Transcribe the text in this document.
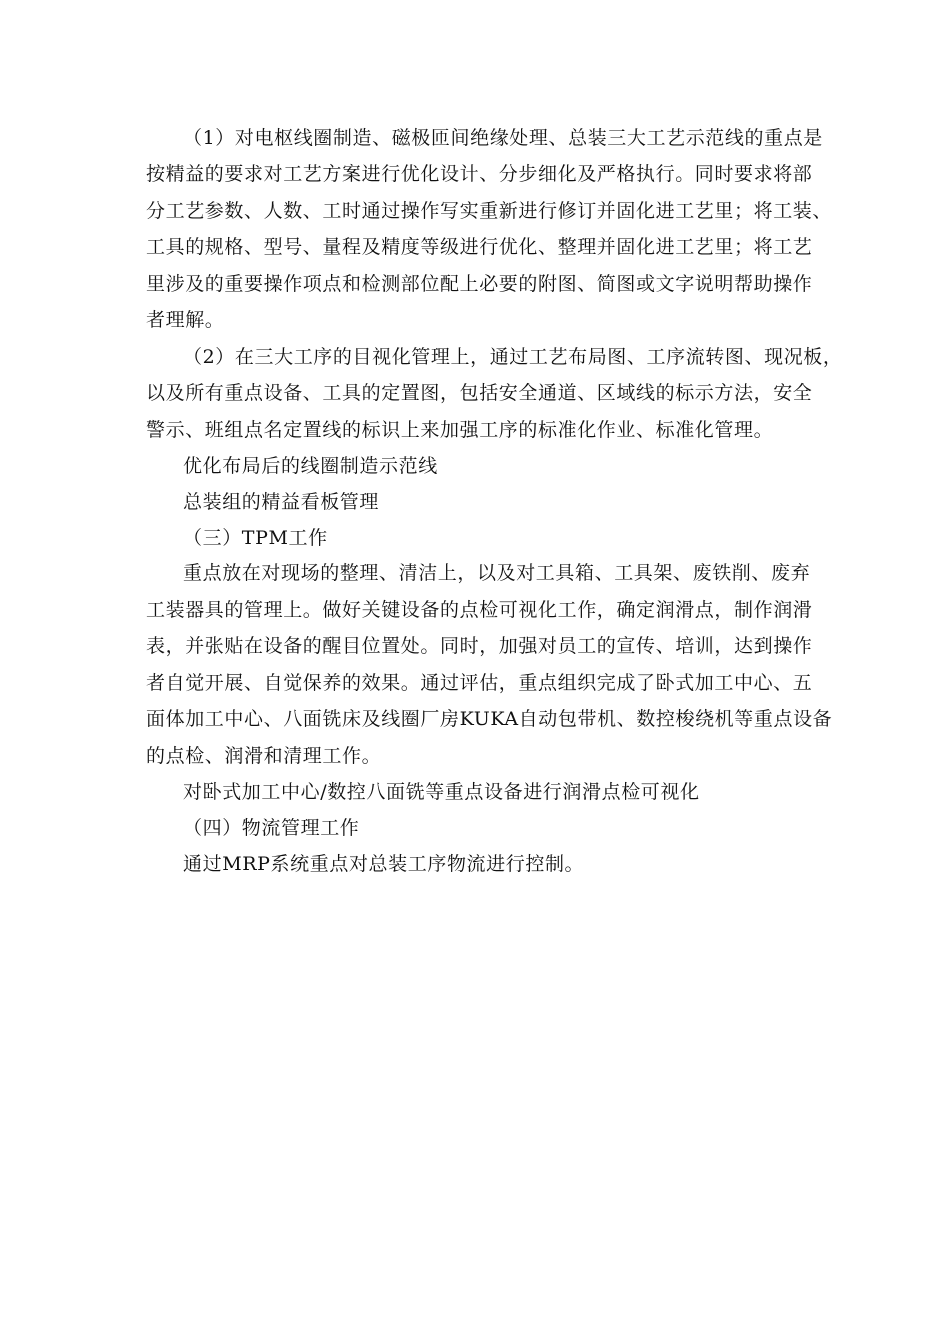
（1）对电枢线圈制造、磁极匝间绝缘处理、总装三大工艺示范线的重点是
按精益的要求对工艺方案进行优化设计、分步细化及严格执行。同时要求将部
分工艺参数、人数、工时通过操作写实重新进行修订并固化进工艺里；将工装、
工具的规格、型号、量程及精度等级进行优化、整理并固化进工艺里；将工艺
里涉及的重要操作项点和检测部位配上必要的附图、简图或文字说明帮助操作
者理解。
（2）在三大工序的目视化管理上，通过工艺布局图、工序流转图、现况板，
以及所有重点设备、工具的定置图，包括安全通道、区域线的标示方法，安全
警示、班组点名定置线的标识上来加强工序的标准化作业、标准化管理。
优化布局后的线圈制造示范线
总装组的精益看板管理
（三）TPM工作
重点放在对现场的整理、清洁上，以及对工具箱、工具架、废铁削、废弃
工装器具的管理上。做好关键设备的点检可视化工作，确定润滑点，制作润滑
表，并张贴在设备的醒目位置处。同时，加强对员工的宣传、培训，达到操作
者自觉开展、自觉保养的效果。通过评估，重点组织完成了卧式加工中心、五
面体加工中心、八面铣床及线圈厂房KUKA自动包带机、数控梭绕机等重点设备
的点检、润滑和清理工作。
对卧式加工中心/数控八面铣等重点设备进行润滑点检可视化
（四）物流管理工作
通过MRP系统重点对总装工序物流进行控制。
